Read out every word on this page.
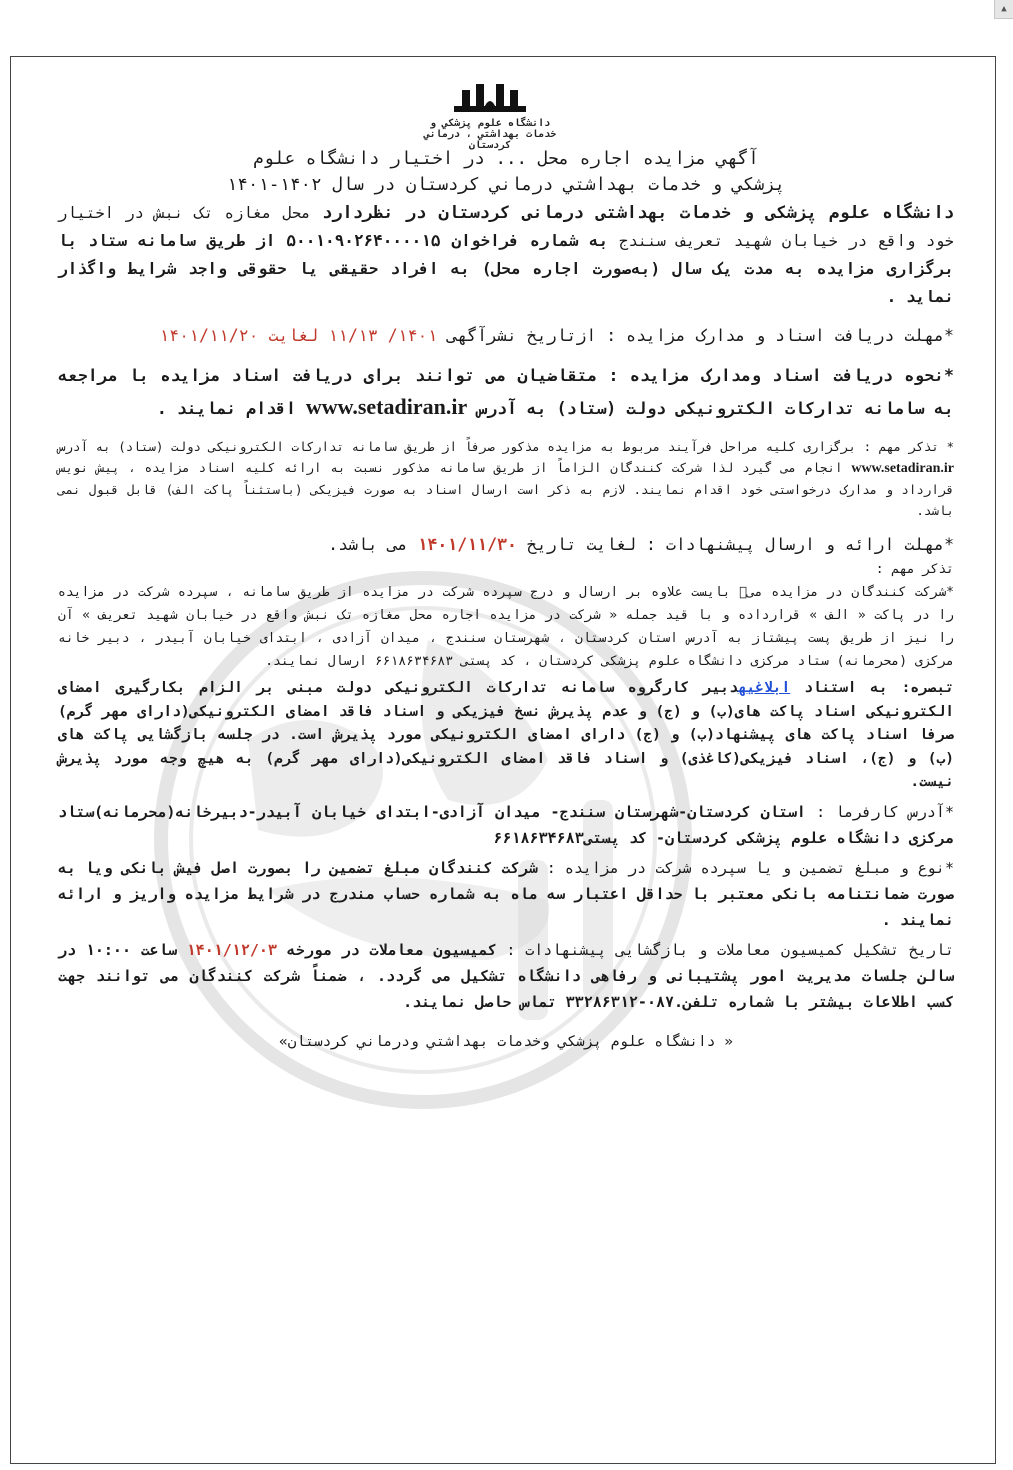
▲
دانشگاه علوم پزشکي و خدمات بهداشتي ، درماني کردستان

آگهي مزايده اجاره محل ... در اختيار دانشگاه علوم
پزشکي و خدمات بهداشتي درماني کردستان در سال ۱۴۰۲-۱۴۰۱

دانشگاه علوم پزشکی و خدمات بهداشتی درمانی کردستان در نظردارد محل مغازه تک نبش در اختیار خود واقع در خیابان شهید تعریف سنندج به شماره فراخوان ۵۰۰۱۰۹۰۲۶۴۰۰۰۰۱۵ از طریق سامانه ستاد با برگزاری مزایده به مدت یک سال (به‌صورت اجاره محل) به افراد حقیقی یا حقوقی واجد شرایط واگذار نماید .

*مهلت دریافت اسناد و مدارک مزایده : ازتاریخ نشرآگهی ۱۴۰۱/ ۱۱/۱۳ لغایت ۱۴۰۱/۱۱/۲۰

*نحوه دریافت اسناد ومدارک مزایده : متقاضیان می توانند برای دریافت اسناد مزایده با مراجعه به سامانه تدارکات الکترونیکی دولت (ستاد) به آدرس www.setadiran.ir اقدام نمایند .

* تذکر مهم : برگزاری کلیه مراحل فرآیند مربوط به مزایده مذکور صرفاً از طریق سامانه تدارکات الکترونیکی دولت (ستاد) به آدرس www.setadiran.ir انجام می گیرد لذا شرکت کنندگان الزاماً از طریق سامانه مذکور نسبت به ارائه کلیه اسناد مزایده ، پیش نویس قرارداد و مدارک درخواستی خود اقدام نمایند. لازم به ذکر است ارسال اسناد به صورت فیزیکی (باستثناً پاکت الف) قابل قبول نمی باشد.

*مهلت ارائه و ارسال پیشنهادات : لغایت تاریخ ۱۴۰۱/۱۱/۳۰ می باشد.

تذکر مهم :

*شرکت کنندگان در مزایده میٖ بایست علاوه بر ارسال و درج سپرده شرکت در مزایده از طریق سامانه ، سپرده شرکت در مزایده را در پاکت « الف » قرارداده و با قید جمله « شرکت در مزایده اجاره محل مغازه تک نبش واقع در خیابان شهید تعریف » آن را نیز از طریق پست پیشتاز به آدرس استان کردستان ، شهرستان سنندج ، میدان آزادی ، ابتدای خیابان آبیدر ، دبیر خانه مرکزی (محرمانه) ستاد مرکزی دانشگاه علوم پزشکی کردستان ، کد پستی ۶۶۱۸۶۳۴۶۸۳ ارسال نمایند.

تبصره: به استناد ابلاغیهدبیر کارگروه سامانه تدارکات الکترونیکی دولت مبنی بر الزام بکارگیری امضای الکترونیکی اسناد پاکت های(ب) و (ج) و عدم پذیرش نسخ فیزیکی و اسناد فاقد امضای الکترونیکی(دارای مهر گرم) صرفا اسناد پاکت های پیشنهاد(ب) و (ج) دارای امضای الکترونیکی مورد پذیرش است. در جلسه بازگشایی پاکت های (ب) و (ج)، اسناد فیزیکی(کاغذی) و اسناد فاقد امضای الکترونیکی(دارای مهر گرم) به هیچ وجه مورد پذیرش نیست.

*آدرس کارفرما : استان کردستان-شهرستان سنندج- میدان آزادی-ابتدای خیابان آبیدر-دبیرخانه(محرمانه)ستاد مرکزی دانشگاه علوم پزشکی کردستان- کد پستی۶۶۱۸۶۳۴۶۸۳

*نوع و مبلغ تضمین و یا سپرده شرکت در مزایده : شرکت کنندگان مبلغ تضمین را بصورت اصل فیش بانکی ویا به صورت ضمانتنامه بانکی معتبر با حداقل اعتبار سه ماه به شماره حساب مندرج در شرایط مزایده واریز و ارائه نمایند .

تاریخ تشکیل کمیسیون معاملات و بازگشایی پیشنهادات : کمیسیون معاملات در مورخه ۱۴۰۱/۱۲/۰۳ ساعت ۱۰:۰۰ در سالن جلسات مدیریت امور پشتیبانی و رفاهی دانشگاه تشکیل می گردد. ، ضمناً شرکت کنندگان می توانند جهت کسب اطلاعات بیشتر با شماره تلفن.۰۸۷-۳۳۲۸۶۳۱۲ تماس حاصل نمایند.

« دانشگاه علوم پزشکي وخدمات بهداشتي ودرماني كردستان»
